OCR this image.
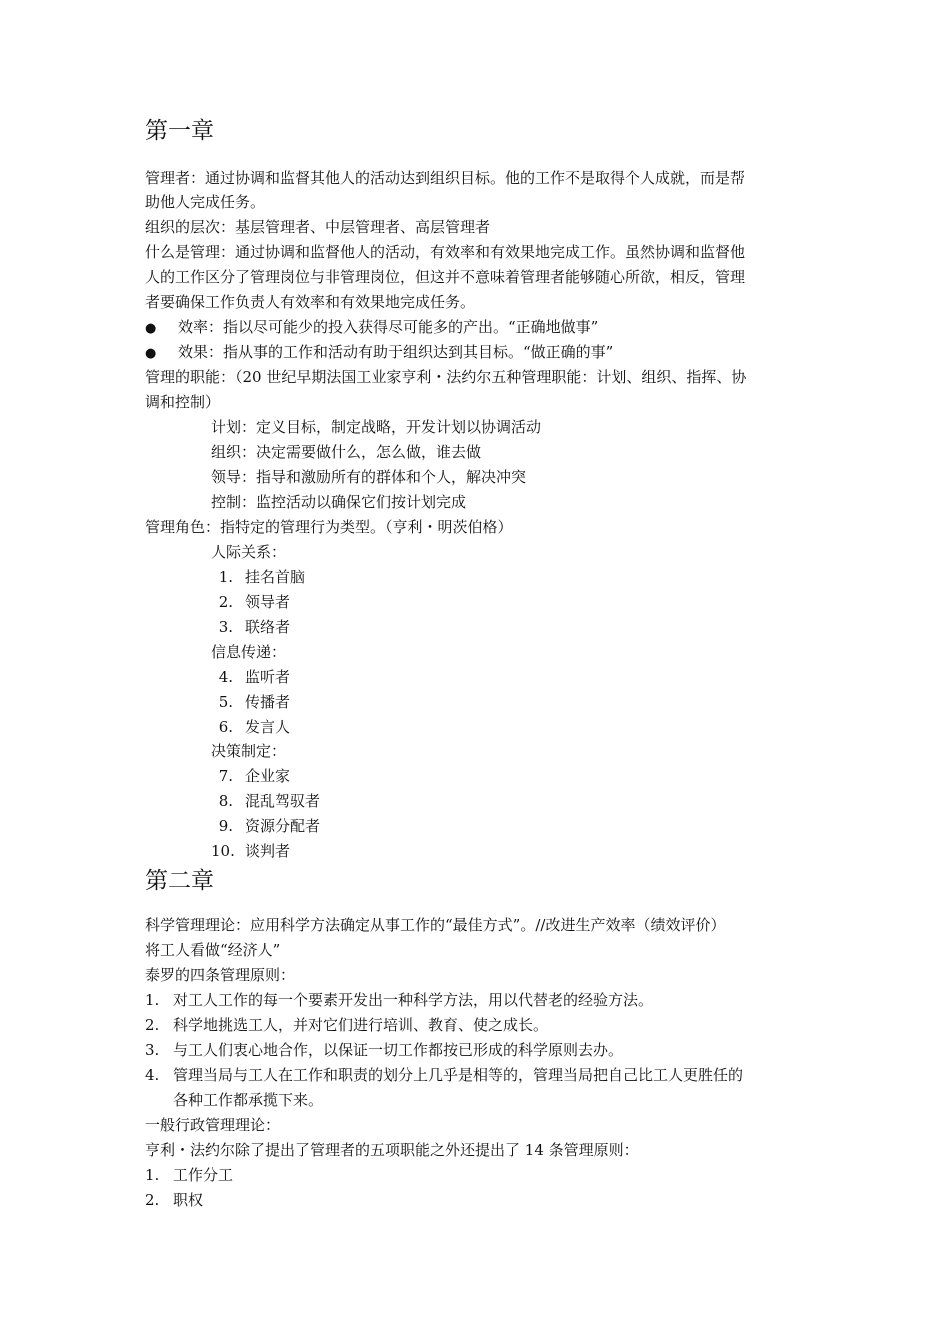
第一章
管理者：通过协调和监督其他人的活动达到组织目标。他的工作不是取得个人成就，而是帮
助他人完成任务。
组织的层次：基层管理者、中层管理者、高层管理者
什么是管理：通过协调和监督他人的活动，有效率和有效果地完成工作。虽然协调和监督他
人的工作区分了管理岗位与非管理岗位，但这并不意味着管理者能够随心所欲，相反，管理
者要确保工作负责人有效率和有效果地完成任务。
● 效率：指以尽可能少的投入获得尽可能多的产出。“正确地做事”
● 效果：指从事的工作和活动有助于组织达到其目标。“做正确的事”
管理的职能：（20 世纪早期法国工业家亨利・法约尔五种管理职能：计划、组织、指挥、协
调和控制）
计划：定义目标，制定战略，开发计划以协调活动
组织：决定需要做什么，怎么做，谁去做
领导：指导和激励所有的群体和个人，解决冲突
控制：监控活动以确保它们按计划完成
管理角色：指特定的管理行为类型。（亨利・明茨伯格）
人际关系：
1. 挂名首脑
2. 领导者
3. 联络者
信息传递：
4. 监听者
5. 传播者
6. 发言人
决策制定：
7. 企业家
8. 混乱驾驭者
9. 资源分配者
10. 谈判者
第二章
科学管理理论：应用科学方法确定从事工作的“最佳方式”。//改进生产效率（绩效评价）
将工人看做“经济人”
泰罗的四条管理原则：
1. 对工人工作的每一个要素开发出一种科学方法，用以代替老的经验方法。
2. 科学地挑选工人，并对它们进行培训、教育、使之成长。
3. 与工人们衷心地合作，以保证一切工作都按已形成的科学原则去办。
4. 管理当局与工人在工作和职责的划分上几乎是相等的，管理当局把自己比工人更胜任的
各种工作都承揽下来。
一般行政管理理论：
亨利・法约尔除了提出了管理者的五项职能之外还提出了 14 条管理原则：
1. 工作分工
2. 职权
